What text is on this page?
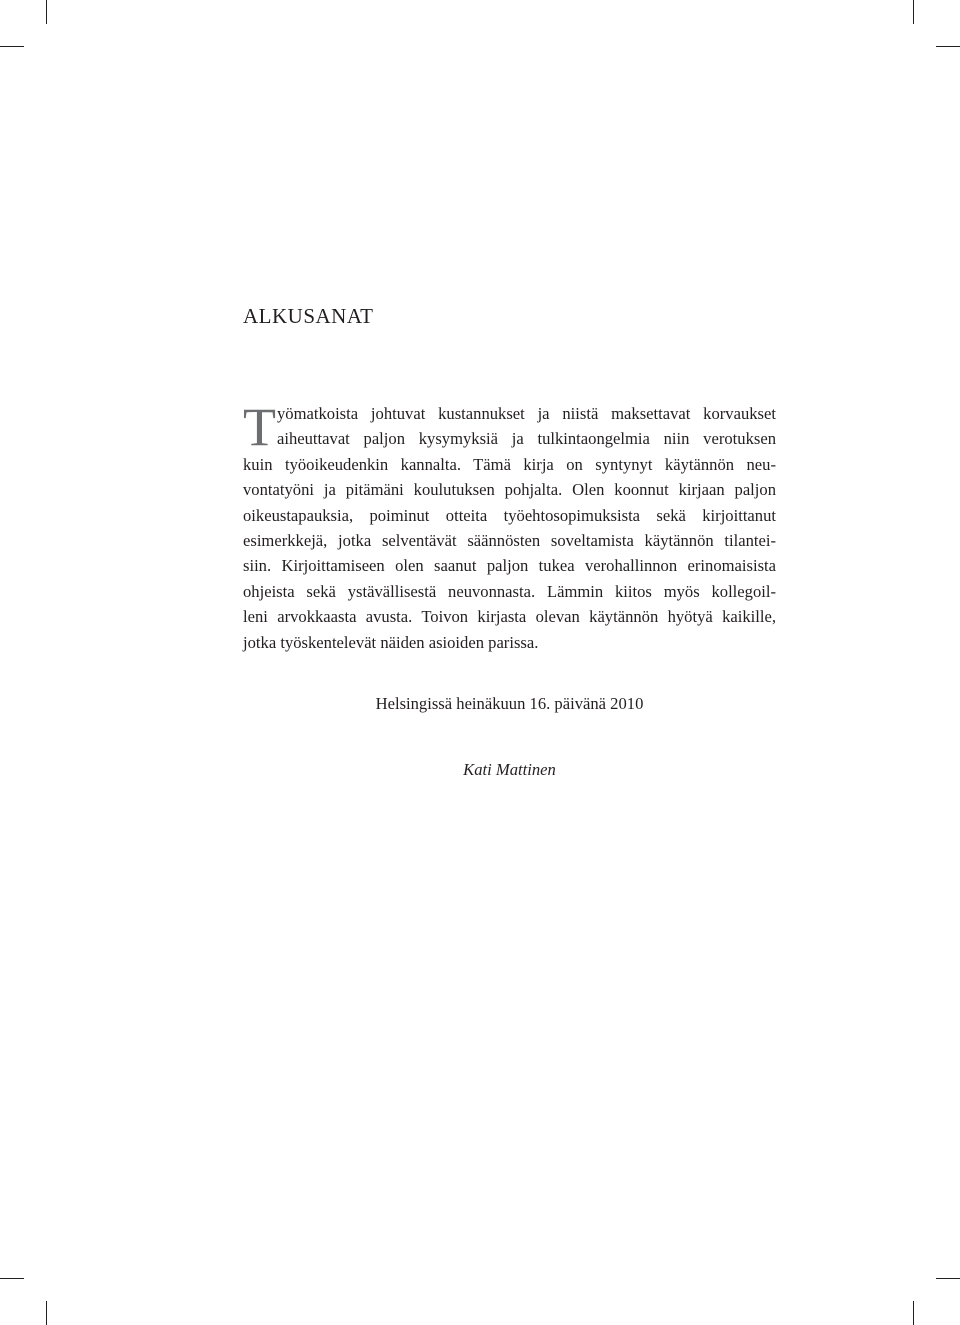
ALKUSANAT
T yömatkoista johtuvat kustannukset ja niistä maksettavat korvaukset
aiheuttavat paljon kysymyksiä ja tulkintaongelmia niin verotuksen
kuin työoikeudenkin kannalta. Tämä kirja on syntynyt käytännön neu-
vontatyöni ja pitämäni koulutuksen pohjalta. Olen koonnut kirjaan paljon
oikeustapauksia, poiminut otteita työehtosopimuksista sekä kirjoittanut
esimerkkejä, jotka selventävät säännösten soveltamista käytännön tilantei-
siin. Kirjoittamiseen olen saanut paljon tukea verohallinnon erinomaisista
ohjeista sekä ystävällisestä neuvonnasta. Lämmin kiitos myös kollegoil-
leni arvokkaasta avusta. Toivon kirjasta olevan käytännön hyötyä kaikille,
jotka työskentelevät näiden asioiden parissa.

Helsingissä heinäkuun 16. päivänä 2010

Kati Mattinen
